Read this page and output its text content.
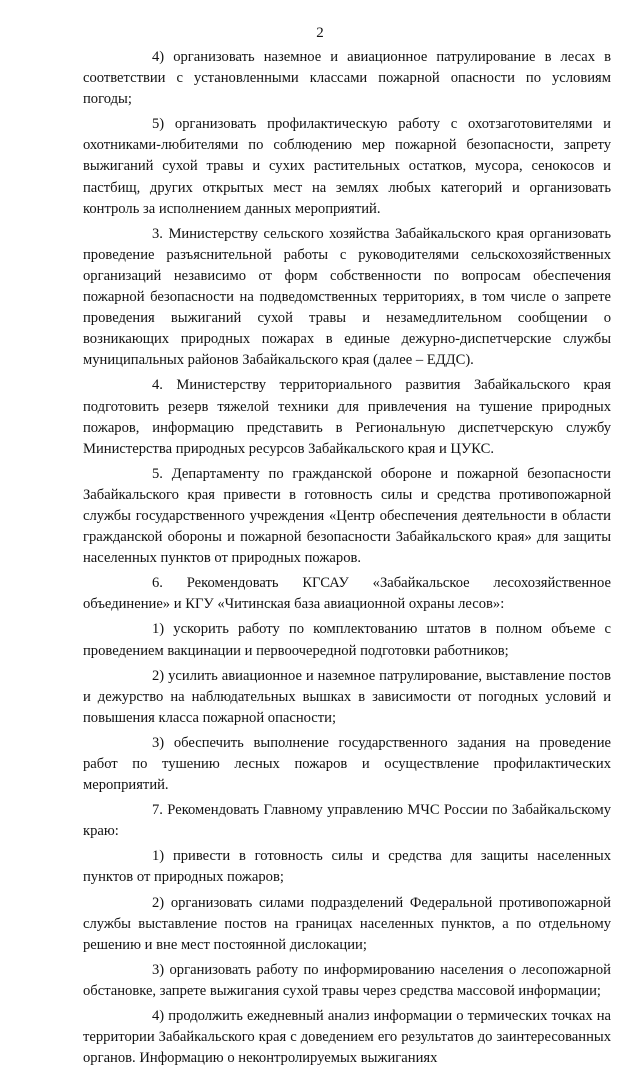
2

4) организовать наземное и авиационное патрулирование в лесах в соответствии с установленными классами пожарной опасности по условиям погоды;

5) организовать профилактическую работу с охотзаготовителями и охотниками-любителями по соблюдению мер пожарной безопасности, запрету выжиганий сухой травы и сухих растительных остатков, мусора, сенокосов и пастбищ, других открытых мест на землях любых категорий и организовать контроль за исполнением данных мероприятий.

3. Министерству сельского хозяйства Забайкальского края организовать проведение разъяснительной работы с руководителями сельскохозяйственных организаций независимо от форм собственности по вопросам обеспечения пожарной безопасности на подведомственных территориях, в том числе о запрете проведения выжиганий сухой травы и незамедлительном сообщении о возникающих природных пожарах в единые дежурно-диспетчерские службы муниципальных районов Забайкальского края (далее – ЕДДС).

4. Министерству территориального развития Забайкальского края подготовить резерв тяжелой техники для привлечения на тушение природных пожаров, информацию представить в Региональную диспетчерскую службу Министерства природных ресурсов Забайкальского края и ЦУКС.

5. Департаменту по гражданской обороне и пожарной безопасности Забайкальского края привести в готовность силы и средства противопожарной службы государственного учреждения «Центр обеспечения деятельности в области гражданской обороны и пожарной безопасности Забайкальского края» для защиты населенных пунктов от природных пожаров.

6. Рекомендовать КГСАУ «Забайкальское лесохозяйственное объединение» и КГУ «Читинская база авиационной охраны лесов»:

1) ускорить работу по комплектованию штатов в полном объеме с проведением вакцинации и первоочередной подготовки работников;

2) усилить авиационное и наземное патрулирование, выставление постов и дежурство на наблюдательных вышках в зависимости от погодных условий и повышения класса пожарной опасности;

3) обеспечить выполнение государственного задания на проведение работ по тушению лесных пожаров и осуществление профилактических мероприятий.

7. Рекомендовать Главному управлению МЧС России по Забайкальскому краю:

1) привести в готовность силы и средства для защиты населенных пунктов от природных пожаров;

2) организовать силами подразделений Федеральной противопожарной службы выставление постов на границах населенных пунктов, а по отдельному решению и вне мест постоянной дислокации;

3) организовать работу по информированию населения о лесопожарной обстановке, запрете выжигания сухой травы через средства массовой информации;

4) продолжить ежедневный анализ информации о термических точках на территории Забайкальского края с доведением его результатов до заинтересованных органов. Информацию о неконтролируемых выжиганиях
